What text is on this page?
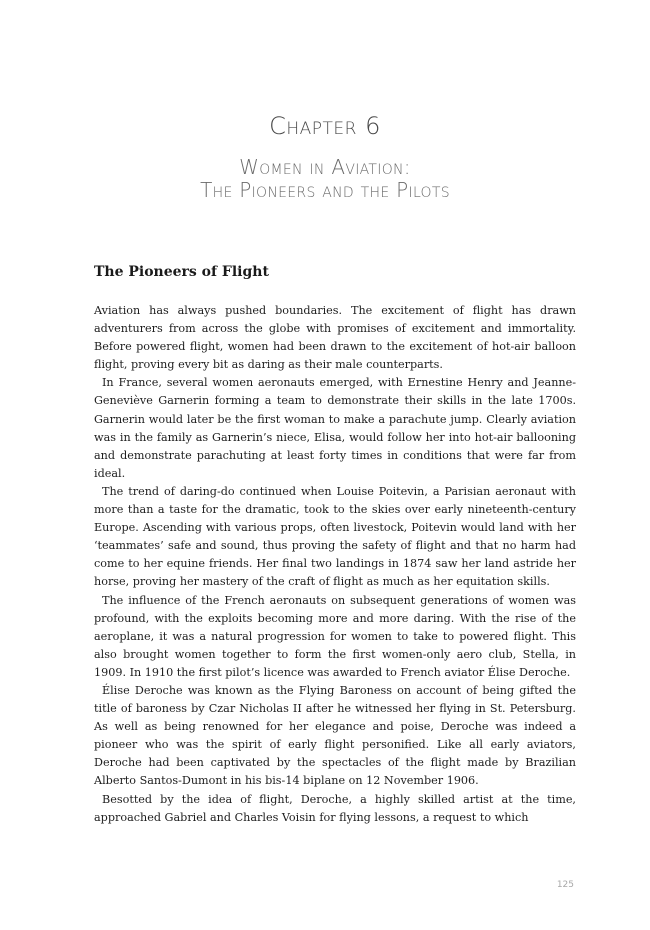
Chapter 6
Women in Aviation:
The Pioneers and the Pilots
The Pioneers of Flight

Aviation has always pushed boundaries. The excitement of flight has drawn adventurers from across the globe with promises of excitement and immortality. Before powered flight, women had been drawn to the excitement of hot-air balloon flight, proving every bit as daring as their male counterparts.

In France, several women aeronauts emerged, with Ernestine Henry and Jeanne-Geneviève Garnerin forming a team to demonstrate their skills in the late 1700s. Garnerin would later be the first woman to make a parachute jump. Clearly aviation was in the family as Garnerin’s niece, Elisa, would follow her into hot-air ballooning and demonstrate parachuting at least forty times in conditions that were far from ideal.

The trend of daring-do continued when Louise Poitevin, a Parisian aeronaut with more than a taste for the dramatic, took to the skies over early nineteenth-century Europe. Ascending with various props, often livestock, Poitevin would land with her ‘teammates’ safe and sound, thus proving the safety of flight and that no harm had come to her equine friends. Her final two landings in 1874 saw her land astride her horse, proving her mastery of the craft of flight as much as her equitation skills.

The influence of the French aeronauts on subsequent generations of women was profound, with the exploits becoming more and more daring. With the rise of the aeroplane, it was a natural progression for women to take to powered flight. This also brought women together to form the first women-only aero club, Stella, in 1909. In 1910 the first pilot’s licence was awarded to French aviator Élise Deroche.

Élise Deroche was known as the Flying Baroness on account of being gifted the title of baroness by Czar Nicholas II after he witnessed her flying in St. Petersburg. As well as being renowned for her elegance and poise, Deroche was indeed a pioneer who was the spirit of early flight personified. Like all early aviators, Deroche had been captivated by the spectacles of the flight made by Brazilian Alberto Santos-Dumont in his bis-14 biplane on 12 November 1906.

Besotted by the idea of flight, Deroche, a highly skilled artist at the time, approached Gabriel and Charles Voisin for flying lessons, a request to which

125
